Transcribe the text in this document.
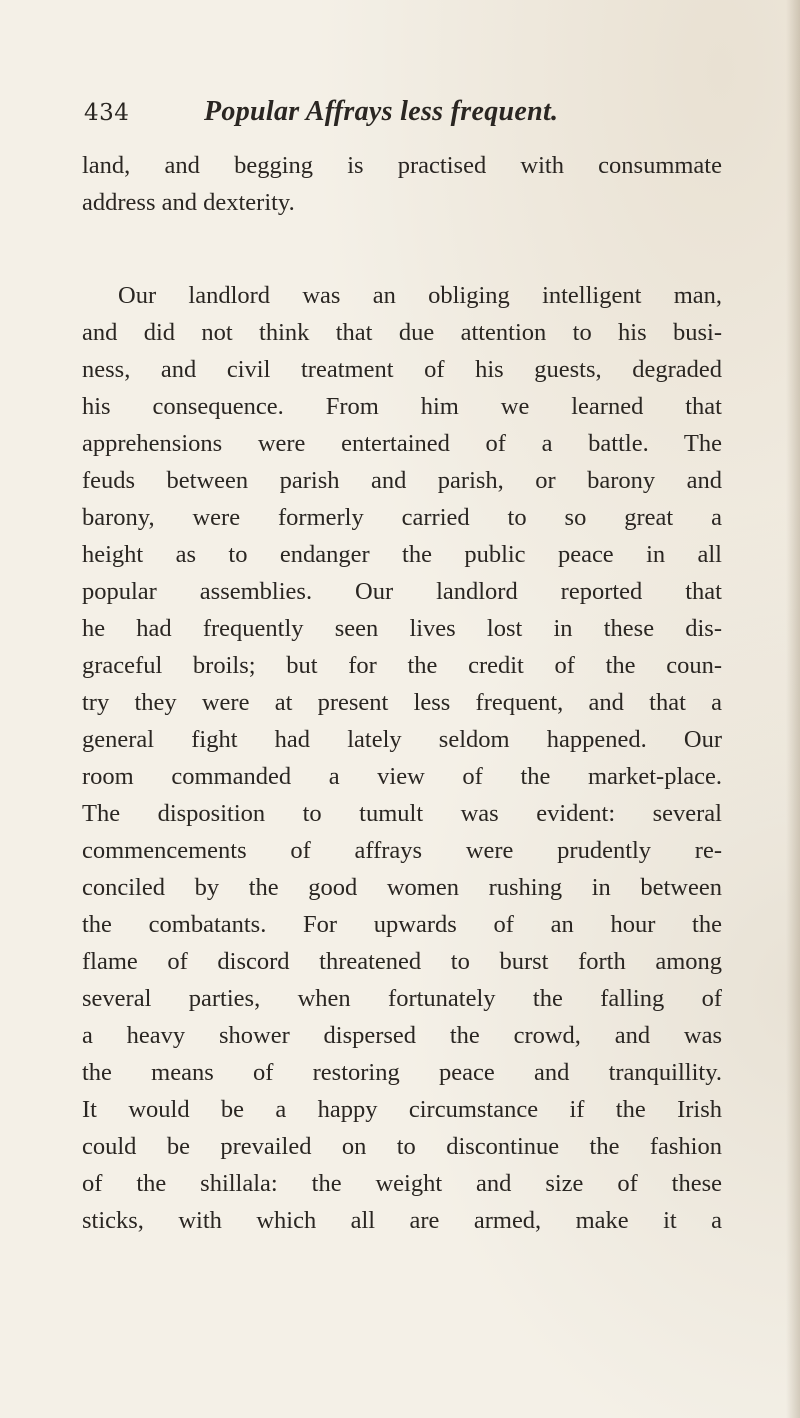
434	Popular Affrays less frequent.
land, and begging is practised with consummate
address and dexterity.
Our landlord was an obliging intelligent man,
and did not think that due attention to his busi-
ness, and civil treatment of his guests, degraded
his consequence. From him we learned that
apprehensions were entertained of a battle. The
feuds between parish and parish, or barony and
barony, were formerly carried to so great a
height as to endanger the public peace in all
popular assemblies. Our landlord reported that
he had frequently seen lives lost in these dis-
graceful broils; but for the credit of the coun-
try they were at present less frequent, and that a
general fight had lately seldom happened. Our
room commanded a view of the market-place.
The disposition to tumult was evident: several
commencements of affrays were prudently re-
conciled by the good women rushing in between
the combatants. For upwards of an hour the
flame of discord threatened to burst forth among
several parties, when fortunately the falling of
a heavy shower dispersed the crowd, and was
the means of restoring peace and tranquillity.
It would be a happy circumstance if the Irish
could be prevailed on to discontinue the fashion
of the shillala: the weight and size of these
sticks, with which all are armed, make it a
